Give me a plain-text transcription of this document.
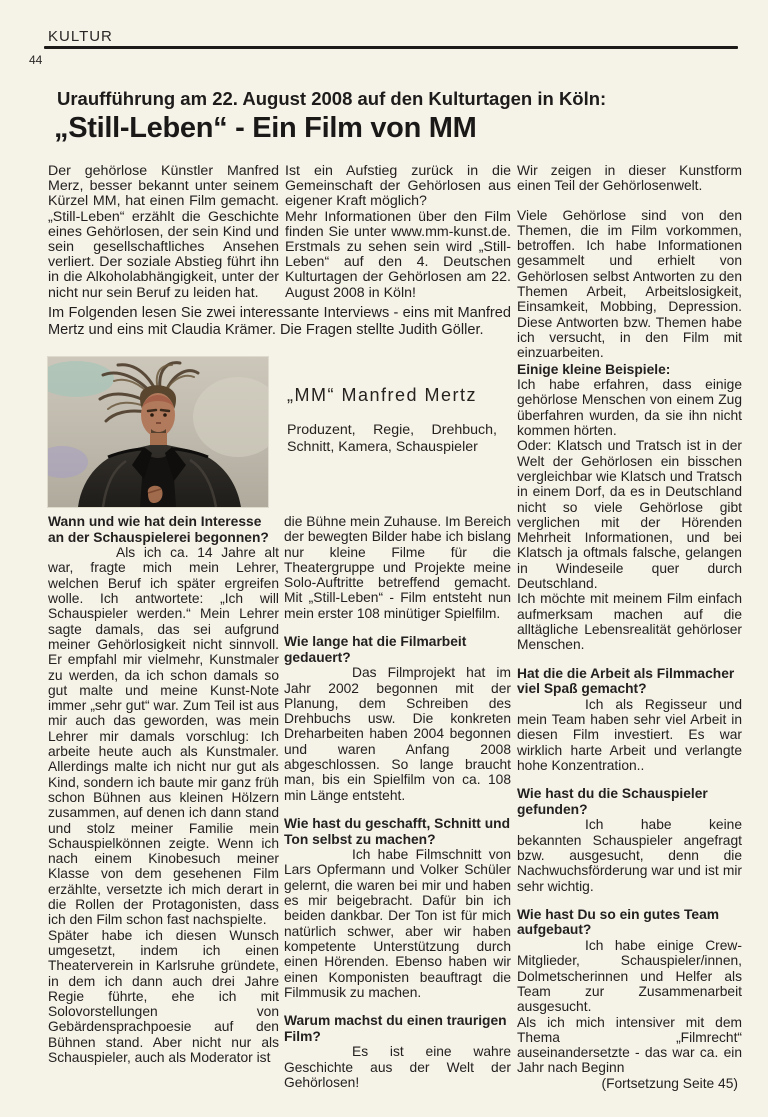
KULTUR
44
Uraufführung am 22. August 2008 auf den Kulturtagen in Köln:
„Still-Leben“ - Ein Film von MM
Der gehörlose Künstler Manfred Merz, besser bekannt unter seinem Kürzel MM, hat einen Film gemacht. „Still-Leben“ erzählt die Geschichte eines Gehörlosen, der sein Kind und sein gesellschaftliches Ansehen verliert. Der soziale Abstieg führt ihn in die Alkoholabhängigkeit, unter der nicht nur sein Beruf zu leiden hat.

Ist ein Aufstieg zurück in die Gemeinschaft der Gehörlosen aus eigener Kraft möglich?

Mehr Informationen über den Film finden Sie unter www.mm-kunst.de. Erstmals zu sehen sein wird „Still-Leben“ auf den 4. Deutschen Kulturtagen der Gehörlosen am 22. August 2008 in Köln!

Im Folgenden lesen Sie zwei interessante Interviews - eins mit Manfred Mertz und eins mit Claudia Krämer. Die Fragen stellte Judith Göller.

„MM“ Manfred Mertz

Produzent, Regie, Drehbuch, Schnitt, Kamera, Schauspieler

Wann und wie hat dein Interesse an der Schauspielerei begonnen?

Als ich ca. 14 Jahre alt war, fragte mich mein Lehrer, welchen Beruf ich später ergreifen wolle. Ich antwortete: „Ich will Schauspieler werden.“ Mein Lehrer sagte damals, das sei aufgrund meiner Gehörlosigkeit nicht sinnvoll. Er empfahl mir vielmehr, Kunstmaler zu werden, da ich schon damals so gut malte und meine Kunst-Note immer „sehr gut“ war. Zum Teil ist aus mir auch das geworden, was mein Lehrer mir damals vorschlug: Ich arbeite heute auch als Kunstmaler. Allerdings malte ich nicht nur gut als Kind, sondern ich baute mir ganz früh schon Bühnen aus kleinen Hölzern zusammen, auf denen ich dann stand und stolz meiner Familie mein Schauspielkönnen zeigte. Wenn ich nach einem Kinobesuch meiner Klasse von dem gesehenen Film erzählte, versetzte ich mich derart in die Rollen der Protagonisten, dass ich den Film schon fast nachspielte.

Später habe ich diesen Wunsch umgesetzt, indem ich einen Theaterverein in Karlsruhe gründete, in dem ich dann auch drei Jahre Regie führte, ehe ich mit Solovorstellungen von Gebärdensprachpoesie auf den Bühnen stand. Aber nicht nur als Schauspieler, auch als Moderator ist

die Bühne mein Zuhause. Im Bereich der bewegten Bilder habe ich bislang nur kleine Filme für die Theatergruppe und Projekte meine Solo-Auftritte betreffend gemacht. Mit „Still-Leben“ - Film entsteht nun mein erster 108 minütiger Spielfilm.

Wie lange hat die Filmarbeit gedauert?

Das Filmprojekt hat im Jahr 2002 begonnen mit der Planung, dem Schreiben des Drehbuchs usw. Die konkreten Dreharbeiten haben 2004 begonnen und waren Anfang 2008 abgeschlossen. So lange braucht man, bis ein Spielfilm von ca. 108 min Länge entsteht.

Wie hast du geschafft, Schnitt und Ton selbst zu machen?

Ich habe Filmschnitt von Lars Opfermann und Volker Schüler gelernt, die waren bei mir und haben es mir beigebracht. Dafür bin ich beiden dankbar. Der Ton ist für mich natürlich schwer, aber wir haben kompetente Unterstützung durch einen Hörenden. Ebenso haben wir einen Komponisten beauftragt die Filmmusik zu machen.

Warum machst du einen traurigen Film?

Es ist eine wahre Geschichte aus der Welt der Gehörlosen!

Wir zeigen in dieser Kunstform einen Teil der Gehörlosenwelt.

Viele Gehörlose sind von den Themen, die im Film vorkommen, betroffen. Ich habe Informationen gesammelt und erhielt von Gehörlosen selbst Antworten zu den Themen Arbeit, Arbeitslosigkeit, Einsamkeit, Mobbing, Depression. Diese Antworten bzw. Themen habe ich versucht, in den Film mit einzuarbeiten.

Einige kleine Beispiele:

Ich habe erfahren, dass einige gehörlose Menschen von einem Zug überfahren wurden, da sie ihn nicht kommen hörten.

Oder: Klatsch und Tratsch ist in der Welt der Gehörlosen ein bisschen vergleichbar wie Klatsch und Tratsch in einem Dorf, da es in Deutschland nicht so viele Gehörlose gibt verglichen mit der Hörenden Mehrheit Informationen, und bei Klatsch ja oftmals falsche, gelangen in Windeseile quer durch Deutschland.

Ich möchte mit meinem Film einfach aufmerksam machen auf die alltägliche Lebensrealität gehörloser Menschen.

Hat die die Arbeit als Filmmacher viel Spaß gemacht?

Ich als Regisseur und mein Team haben sehr viel Arbeit in diesen Film investiert. Es war wirklich harte Arbeit und verlangte hohe Konzentration..

Wie hast du die Schauspieler gefunden?

Ich habe keine bekannten Schauspieler angefragt bzw. ausgesucht, denn die Nachwuchsförderung war und ist mir sehr wichtig.

Wie hast Du so ein gutes Team aufgebaut?

Ich habe einige Crew-Mitglieder, Schauspieler/innen, Dolmetscherinnen und Helfer als Team zur Zusammenarbeit ausgesucht.

Als ich mich intensiver mit dem Thema „Filmrecht“ auseinandersetzte - das war ca. ein Jahr nach Beginn

(Fortsetzung Seite 45)
